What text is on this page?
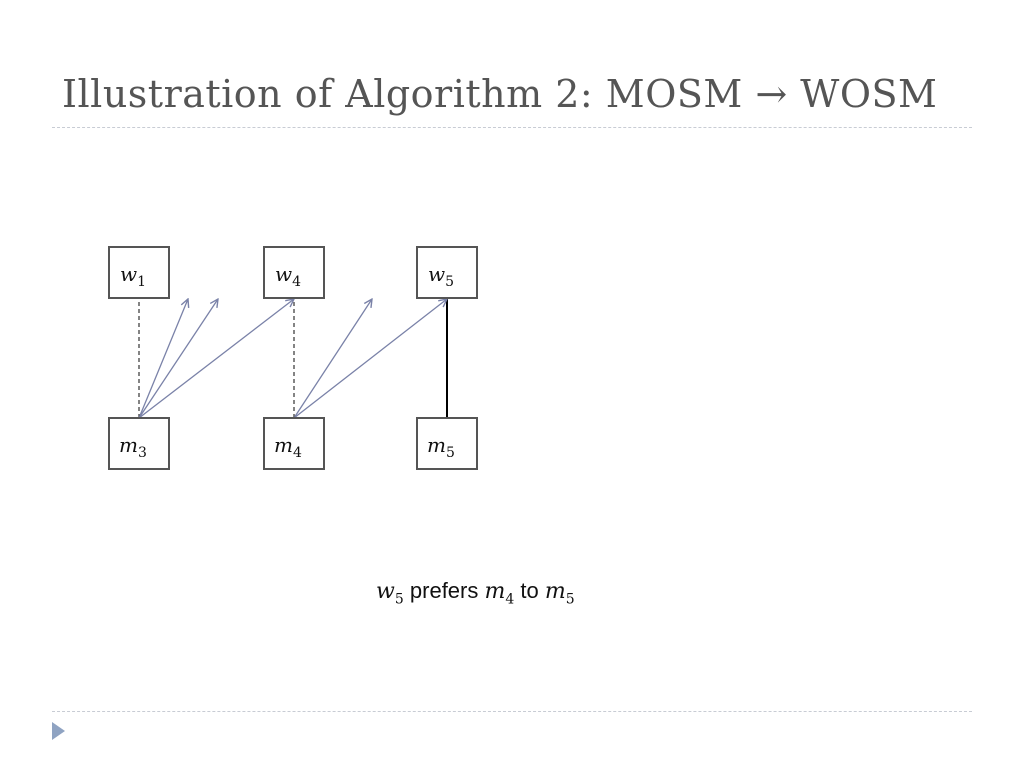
Illustration of Algorithm 2: MOSM → WOSM
w1	w4	w5
m3	m4	m5
$w_5$ prefers $m_4$ to $m_5$
